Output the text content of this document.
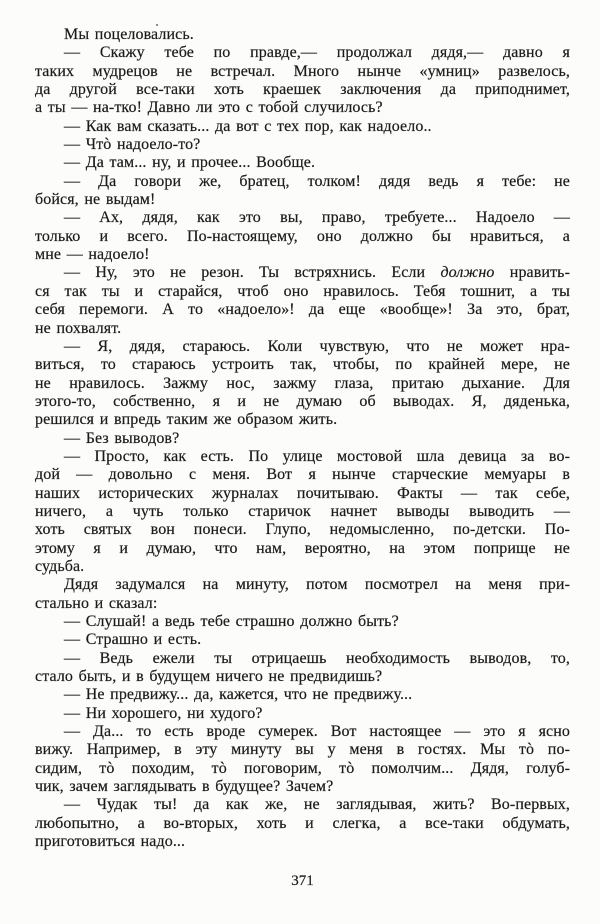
Мы поцеловались.
— Скажу тебе по правде,— продолжал дядя,— давно я
таких мудрецов не встречал. Много нынче «умниц» развелось,
да другой все-таки хоть краешек заключения да приподнимет,
а ты — на-тко! Давно ли это с тобой случилось?
— Как вам сказать... да вот с тех пор, как надоело..
— Чтò надоело-то?
— Да там... ну, и прочее... Вообще.
— Да говори же, братец, толком! дядя ведь я тебе: не
бойся, не выдам!
— Ах, дядя, как это вы, право, требуете... Надоело —
только и всего. По-настоящему, оно должно бы нравиться, а
мне — надоело!
— Ну, это не резон. Ты встряхнись. Если должно нравить-
ся так ты и старайся, чтоб оно нравилось. Тебя тошнит, а ты
себя перемоги. А то «надоело»! да еще «вообще»! За это, брат,
не похвалят.
— Я, дядя, стараюсь. Коли чувствую, что не может нра-
виться, то стараюсь устроить так, чтобы, по крайней мере, не
не нравилось. Зажму нос, зажму глаза, притаю дыхание. Для
этого-то, собственно, я и не думаю об выводах. Я, дяденька,
решился и впредь таким же образом жить.
— Без выводов?
— Просто, как есть. По улице мостовой шла девица за во-
дой — довольно с меня. Вот я нынче старческие мемуары в
наших исторических журналах почитываю. Факты — так себе,
ничего, а чуть только старичок начнет выводы выводить —
хоть святых вон понеси. Глупо, недомысленно, по-детски. По-
этому я и думаю, что нам, вероятно, на этом поприще не
судьба.
Дядя задумался на минуту, потом посмотрел на меня при-
стально и сказал:
— Слушай! а ведь тебе страшно должно быть?
— Страшно и есть.
— Ведь ежели ты отрицаешь необходимость выводов, то,
стало быть, и в будущем ничего не предвидишь?
— Не предвижу... да, кажется, что не предвижу...
— Ни хорошего, ни худого?
— Да... то есть вроде сумерек. Вот настоящее — это я ясно
вижу. Например, в эту минуту вы у меня в гостях. Мы тò по-
сидим, тò походим, тò поговорим, тò помолчим... Дядя, голуб-
чик, зачем заглядывать в будущее? Зачем?
— Чудак ты! да как же, не заглядывая, жить? Во-первых,
любопытно, а во-вторых, хоть и слегка, а все-таки обдумать,
приготовиться надо...
371
